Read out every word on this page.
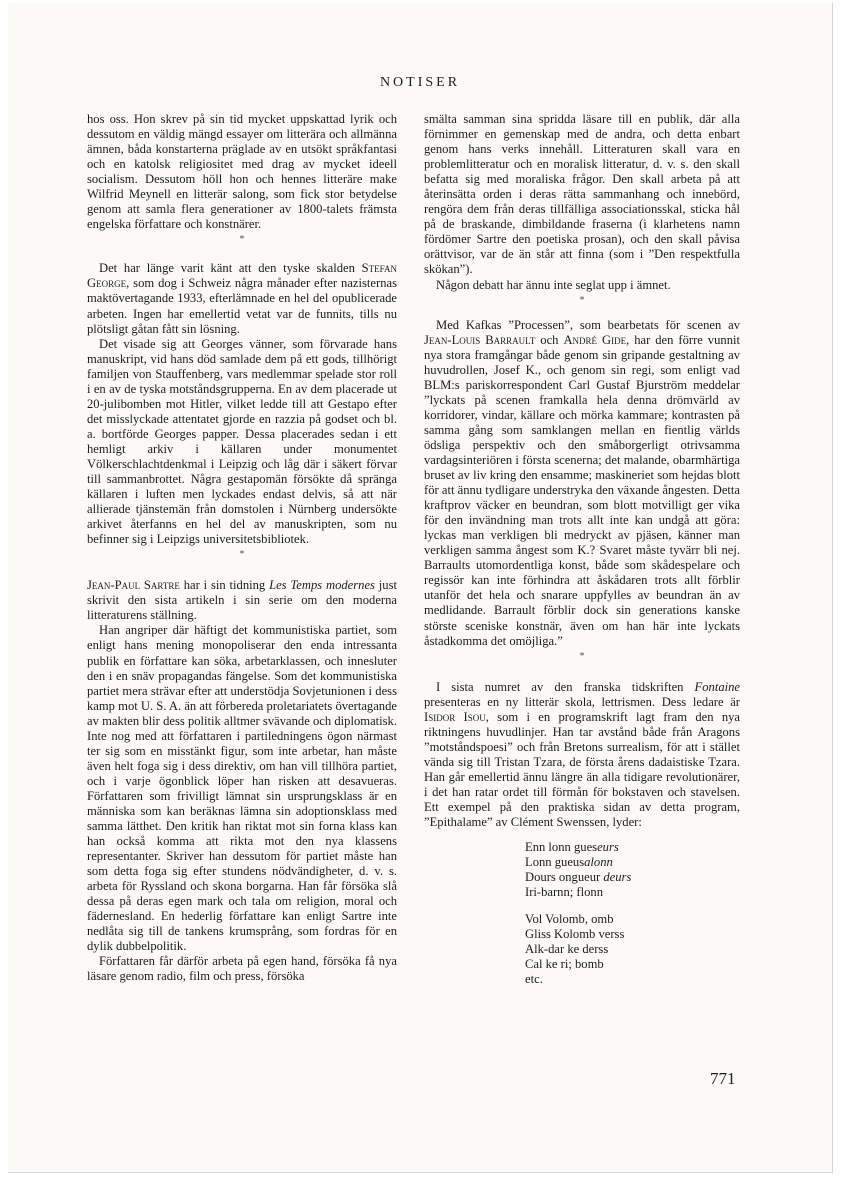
NOTISER

hos oss. Hon skrev på sin tid mycket uppskattad lyrik och dessutom en väldig mängd essayer om litterära och allmänna ämnen, båda konstarterna präglade av en utsökt språkfantasi och en katolsk religiositet med drag av mycket ideell socialism. Dessutom höll hon och hennes litteräre make Wilfrid Meynell en litterär salong, som fick stor betydelse genom att samla flera generationer av 1800-talets främsta engelska författare och konstnärer.

*

Det har länge varit känt att den tyske skalden Stefan George, som dog i Schweiz några månader efter nazisternas maktövertagande 1933, efterlämnade en hel del opublicerade arbeten. Ingen har emellertid vetat var de funnits, tills nu plötsligt gåtan fått sin lösning.

Det visade sig att Georges vänner, som förvarade hans manuskript, vid hans död samlade dem på ett gods, tillhörigt familjen von Stauffenberg, vars medlemmar spelade stor roll i en av de tyska motståndsgrupperna. En av dem placerade ut 20-julibomben mot Hitler, vilket ledde till att Gestapo efter det misslyckade attentatet gjorde en razzia på godset och bl. a. bortförde Georges papper. Dessa placerades sedan i ett hemligt arkiv i källaren under monumentet Völkerschlachtdenkmal i Leipzig och låg där i säkert förvar till sammanbrottet. Några gestapomän försökte då spränga källaren i luften men lyckades endast delvis, så att när allierade tjänstemän från domstolen i Nürnberg undersökte arkivet återfanns en hel del av manuskripten, som nu befinner sig i Leipzigs universitetsbibliotek.

*

Jean-Paul Sartre har i sin tidning Les Temps modernes just skrivit den sista artikeln i sin serie om den moderna litteraturens ställning.

Han angriper där häftigt det kommunistiska partiet, som enligt hans mening monopoliserar den enda intressanta publik en författare kan söka, arbetarklassen, och innesluter den i en snäv propagandas fängelse. Som det kommunistiska partiet mera strävar efter att understödja Sovjetunionen i dess kamp mot U. S. A. än att förbereda proletariatets övertagande av makten blir dess politik alltmer svävande och diplomatisk. Inte nog med att författaren i partiledningens ögon närmast ter sig som en misstänkt figur, som inte arbetar, han måste även helt foga sig i dess direktiv, om han vill tillhöra partiet, och i varje ögonblick löper han risken att desavueras. Författaren som frivilligt lämnat sin ursprungsklass är en människa som kan beräknas lämna sin adoptionsklass med samma lätthet. Den kritik han riktat mot sin forna klass kan han också komma att rikta mot den nya klassens representanter. Skriver han dessutom för partiet måste han som detta foga sig efter stundens nödvändigheter, d. v. s. arbeta för Ryssland och skona borgarna. Han får försöka slå dessa på deras egen mark och tala om religion, moral och fädernesland. En hederlig författare kan enligt Sartre inte nedlåta sig till de tankens krumsprång, som fordras för en dylik dubbelpolitik.

Författaren får därför arbeta på egen hand, försöka få nya läsare genom radio, film och press, försöka

smälta samman sina spridda läsare till en publik, där alla förnimmer en gemenskap med de andra, och detta enbart genom hans verks innehåll. Litteraturen skall vara en problemlitteratur och en moralisk litteratur, d. v. s. den skall befatta sig med moraliska frågor. Den skall arbeta på att återinsätta orden i deras rätta sammanhang och innebörd, rengöra dem från deras tillfälliga associationsskal, sticka hål på de braskande, dimbildande fraserna (i klarhetens namn fördömer Sartre den poetiska prosan), och den skall påvisa orättvisor, var de än står att finna (som i ”Den respektfulla skökan”).

Någon debatt har ännu inte seglat upp i ämnet.

*

Med Kafkas ”Processen”, som bearbetats för scenen av Jean-Louis Barrault och André Gide, har den förre vunnit nya stora framgångar både genom sin gripande gestaltning av huvudrollen, Josef K., och genom sin regi, som enligt vad BLM:s pariskorrespondent Carl Gustaf Bjurström meddelar ”lyckats på scenen framkalla hela denna drömvärld av korridorer, vindar, källare och mörka kammare; kontrasten på samma gång som samklangen mellan en fientlig världs ödsliga perspektiv och den småborgerligt otrivsamma vardagsinteriören i första scenerna; det malande, obarmhärtiga bruset av liv kring den ensamme; maskineriet som hejdas blott för att ännu tydligare understryka den växande ångesten. Detta kraftprov väcker en beundran, som blott motvilligt ger vika för den invändning man trots allt inte kan undgå att göra: lyckas man verkligen bli medryckt av pjäsen, känner man verkligen samma ångest som K.? Svaret måste tyvärr bli nej. Barraults utomordentliga konst, både som skådespelare och regissör kan inte förhindra att åskådaren trots allt förblir utanför det hela och snarare uppfylles av beundran än av medlidande. Barrault förblir dock sin generations kanske störste sceniske konstnär, även om han här inte lyckats åstadkomma det omöjliga.”

*

I sista numret av den franska tidskriften Fontaine presenteras en ny litterär skola, lettrismen. Dess ledare är Isidor Isou, som i en programskrift lagt fram den nya riktningens huvudlinjer. Han tar avstånd både från Aragons ”motståndspoesi” och från Bretons surrealism, för att i stället vända sig till Tristan Tzara, de första årens dadaistiske Tzara. Han går emellertid ännu längre än alla tidigare revolutionärer, i det han ratar ordet till förmån för bokstaven och stavelsen. Ett exempel på den praktiska sidan av detta program, ”Epithalame” av Clément Swenssen, lyder:

Enn lonn gueseurs
Lonn gueusalonn
Dours ongueur deurs
Iri-barnn; flonn
Vol Volomb, omb
Gliss Kolomb verss
Alk-dar ke derss
Cal ke ri; bomb
etc.
771
